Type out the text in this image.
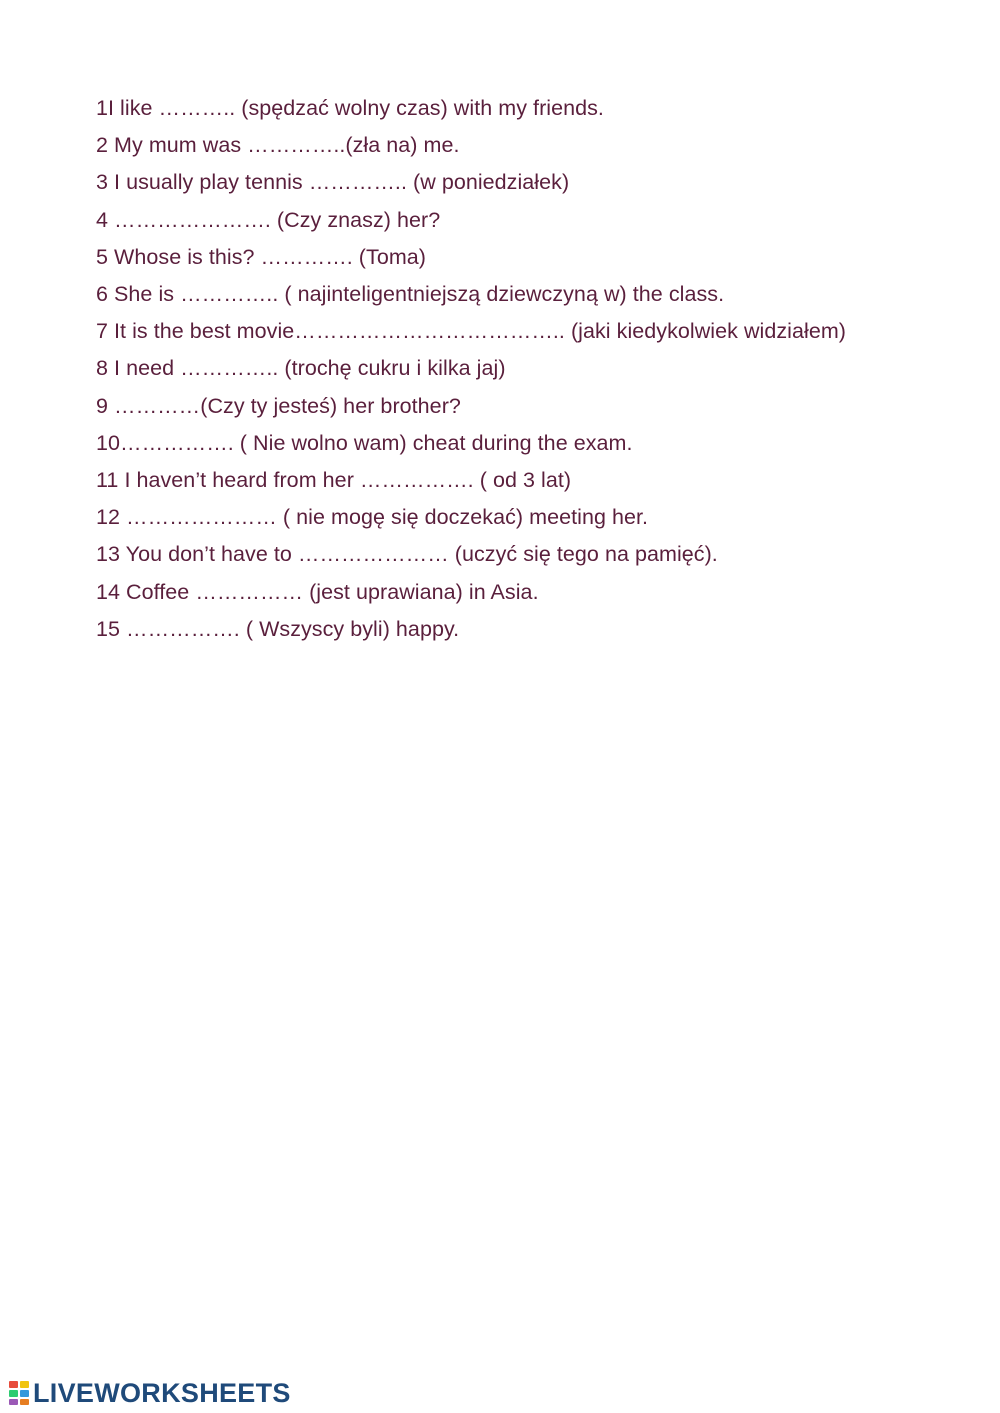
1I like ……….. (spędzać wolny czas) with my friends.
2 My mum was …………..(zła na) me.
3 I usually play tennis ………….. (w poniedziałek)
4 …………………. (Czy znasz) her?
5 Whose is this? …………. (Toma)
6 She is ………….. ( najinteligentniejszą dziewczyną w) the class.
7 It is the best movie……………………………….. (jaki kiedykolwiek widziałem)
8 I need ………….. (trochę cukru i kilka jaj)
9 …………(Czy ty jesteś) her brother?
10……………. ( Nie wolno wam) cheat during the exam.
11 I haven’t heard from her ……………. ( od 3 lat)
12 ………………… ( nie mogę się doczekać) meeting her.
13 You don’t have to ………………… (uczyć się tego na pamięć).
14 Coffee …………… (jest uprawiana) in Asia.
15 ……………. ( Wszyscy byli) happy.
LIVEWORKSHEETS
